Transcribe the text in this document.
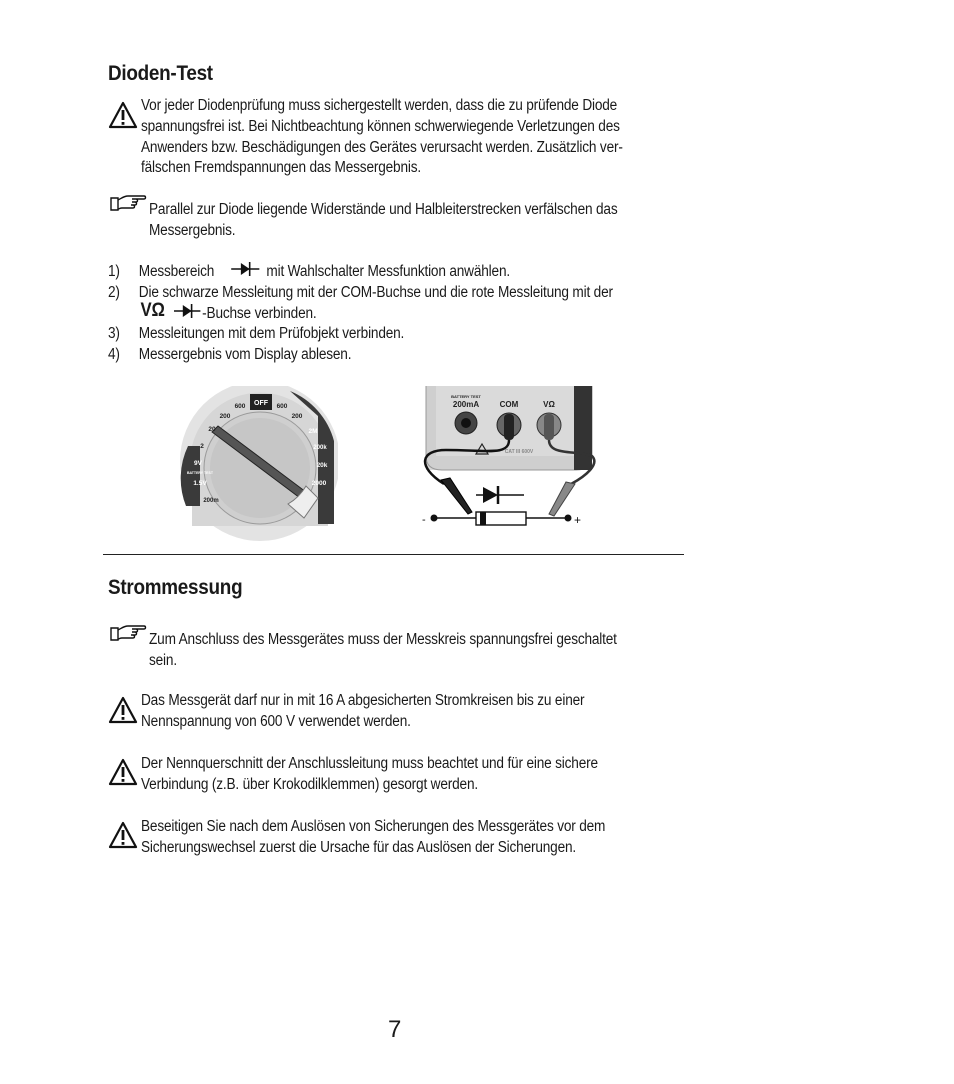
Dioden-Test
Vor jeder Diodenprüfung muss sichergestellt werden, dass die zu prüfende Diode
spannungsfrei ist. Bei Nichtbeachtung können schwerwiegende Verletzungen des
Anwenders bzw. Beschädigungen des Gerätes verursacht werden. Zusätzlich ver-
fälschen Fremdspannungen das Messergebnis.
Parallel zur Diode liegende Widerstände und Halbleiterstrecken verfälschen das
Messergebnis.
1) Messbereich	mit Wahlschalter Messfunktion anwählen.
2) Die schwarze Messleitung mit der COM-Buchse und die rote Messleitung mit der
VΩ -Buchse verbinden.
3) Messleitungen mit dem Prüfobjekt verbinden.
4) Messergebnis vom Display ablesen.
OFF
600	600
200	200
20
2
2M
200k
20k
2000
9V
BATTERY TEST
1.5V
200m
BATTERY TEST
200mA	COM	VΩ
CAT III 600V
-	+
Strommessung
Zum Anschluss des Messgerätes muss der Messkreis spannungsfrei geschaltet
sein.
Das Messgerät darf nur in mit 16 A abgesicherten Stromkreisen bis zu einer
Nennspannung von 600 V verwendet werden.
Der Nennquerschnitt der Anschlussleitung muss beachtet und für eine sichere
Verbindung (z.B. über Krokodilklemmen) gesorgt werden.
Beseitigen Sie nach dem Auslösen von Sicherungen des Messgerätes vor dem
Sicherungswechsel zuerst die Ursache für das Auslösen der Sicherungen.
7
